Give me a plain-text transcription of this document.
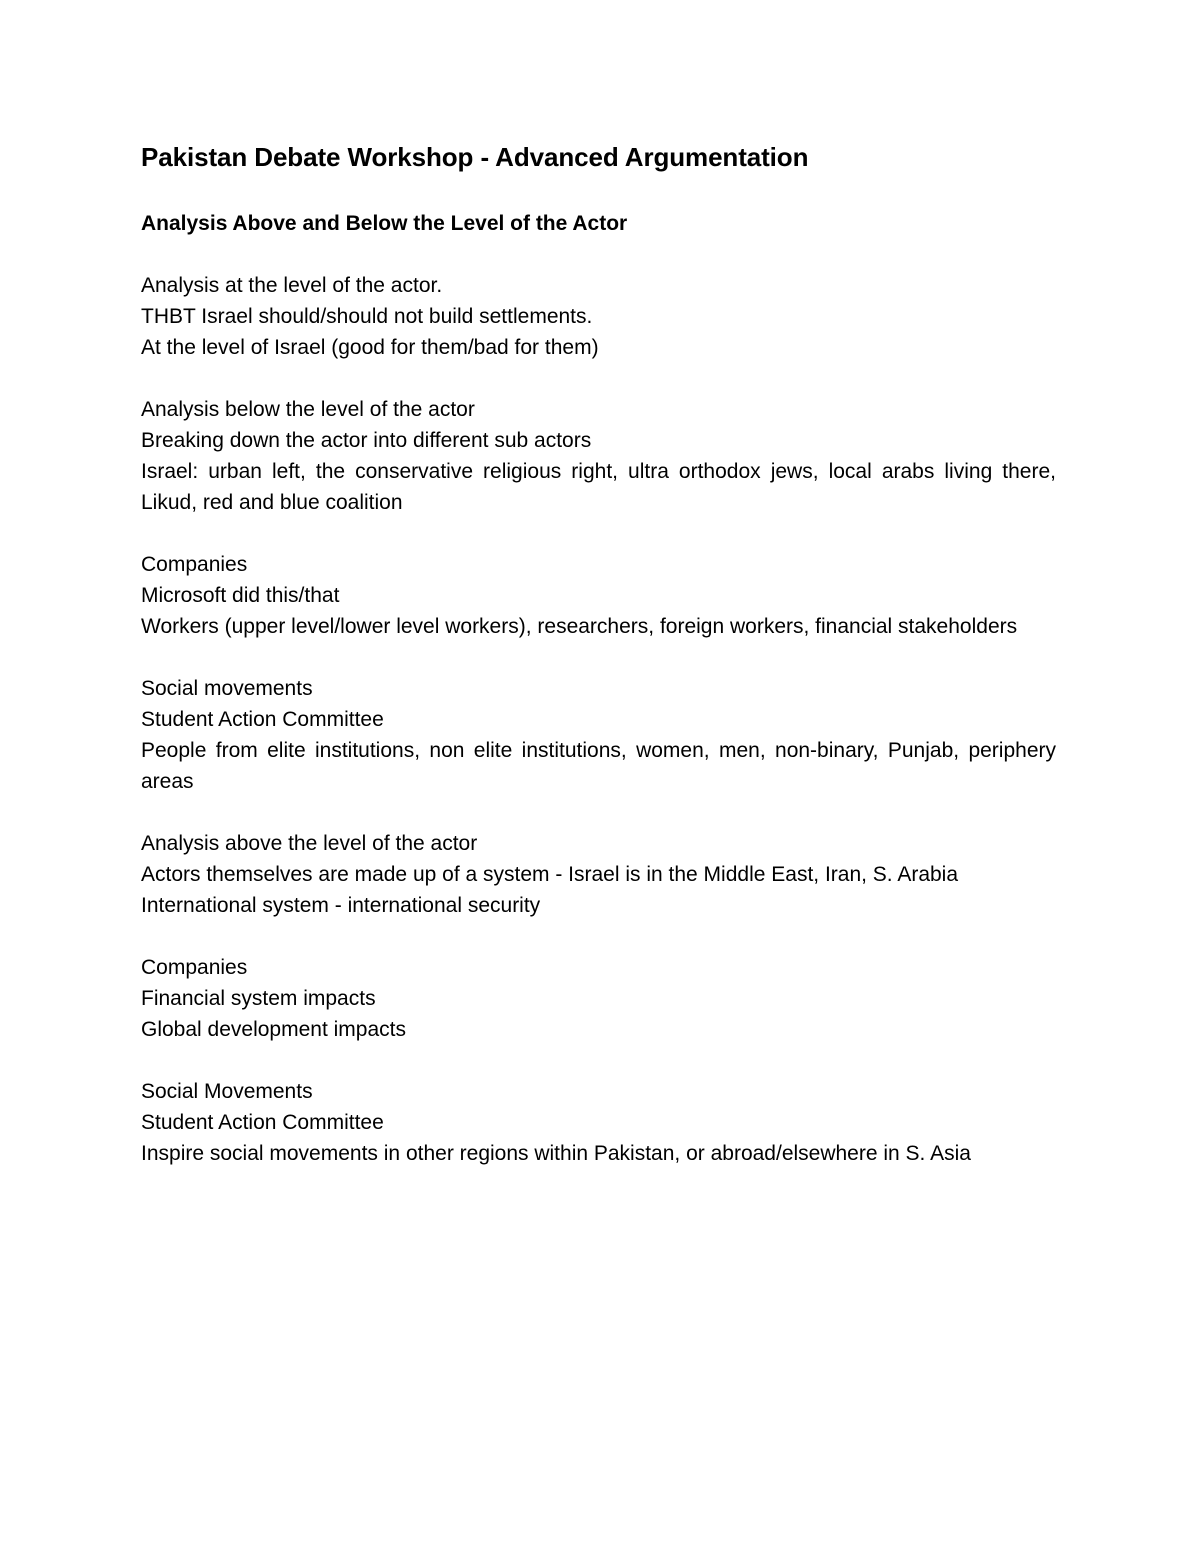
Pakistan Debate Workshop - Advanced Argumentation
Analysis Above and Below the Level of the Actor

Analysis at the level of the actor.

THBT Israel should/should not build settlements.

At the level of Israel (good for them/bad for them)

Analysis below the level of the actor

Breaking down the actor into different sub actors

Israel: urban left, the conservative religious right, ultra orthodox jews, local arabs living there, Likud, red and blue coalition

Companies

Microsoft did this/that

Workers (upper level/lower level workers), researchers, foreign workers, financial stakeholders

Social movements

Student Action Committee

People from elite institutions, non elite institutions, women, men, non-binary, Punjab, periphery areas

Analysis above the level of the actor

Actors themselves are made up of a system - Israel is in the Middle East, Iran, S. Arabia

International system - international security

Companies

Financial system impacts

Global development impacts

Social Movements

Student Action Committee

Inspire social movements in other regions within Pakistan, or abroad/elsewhere in S. Asia
